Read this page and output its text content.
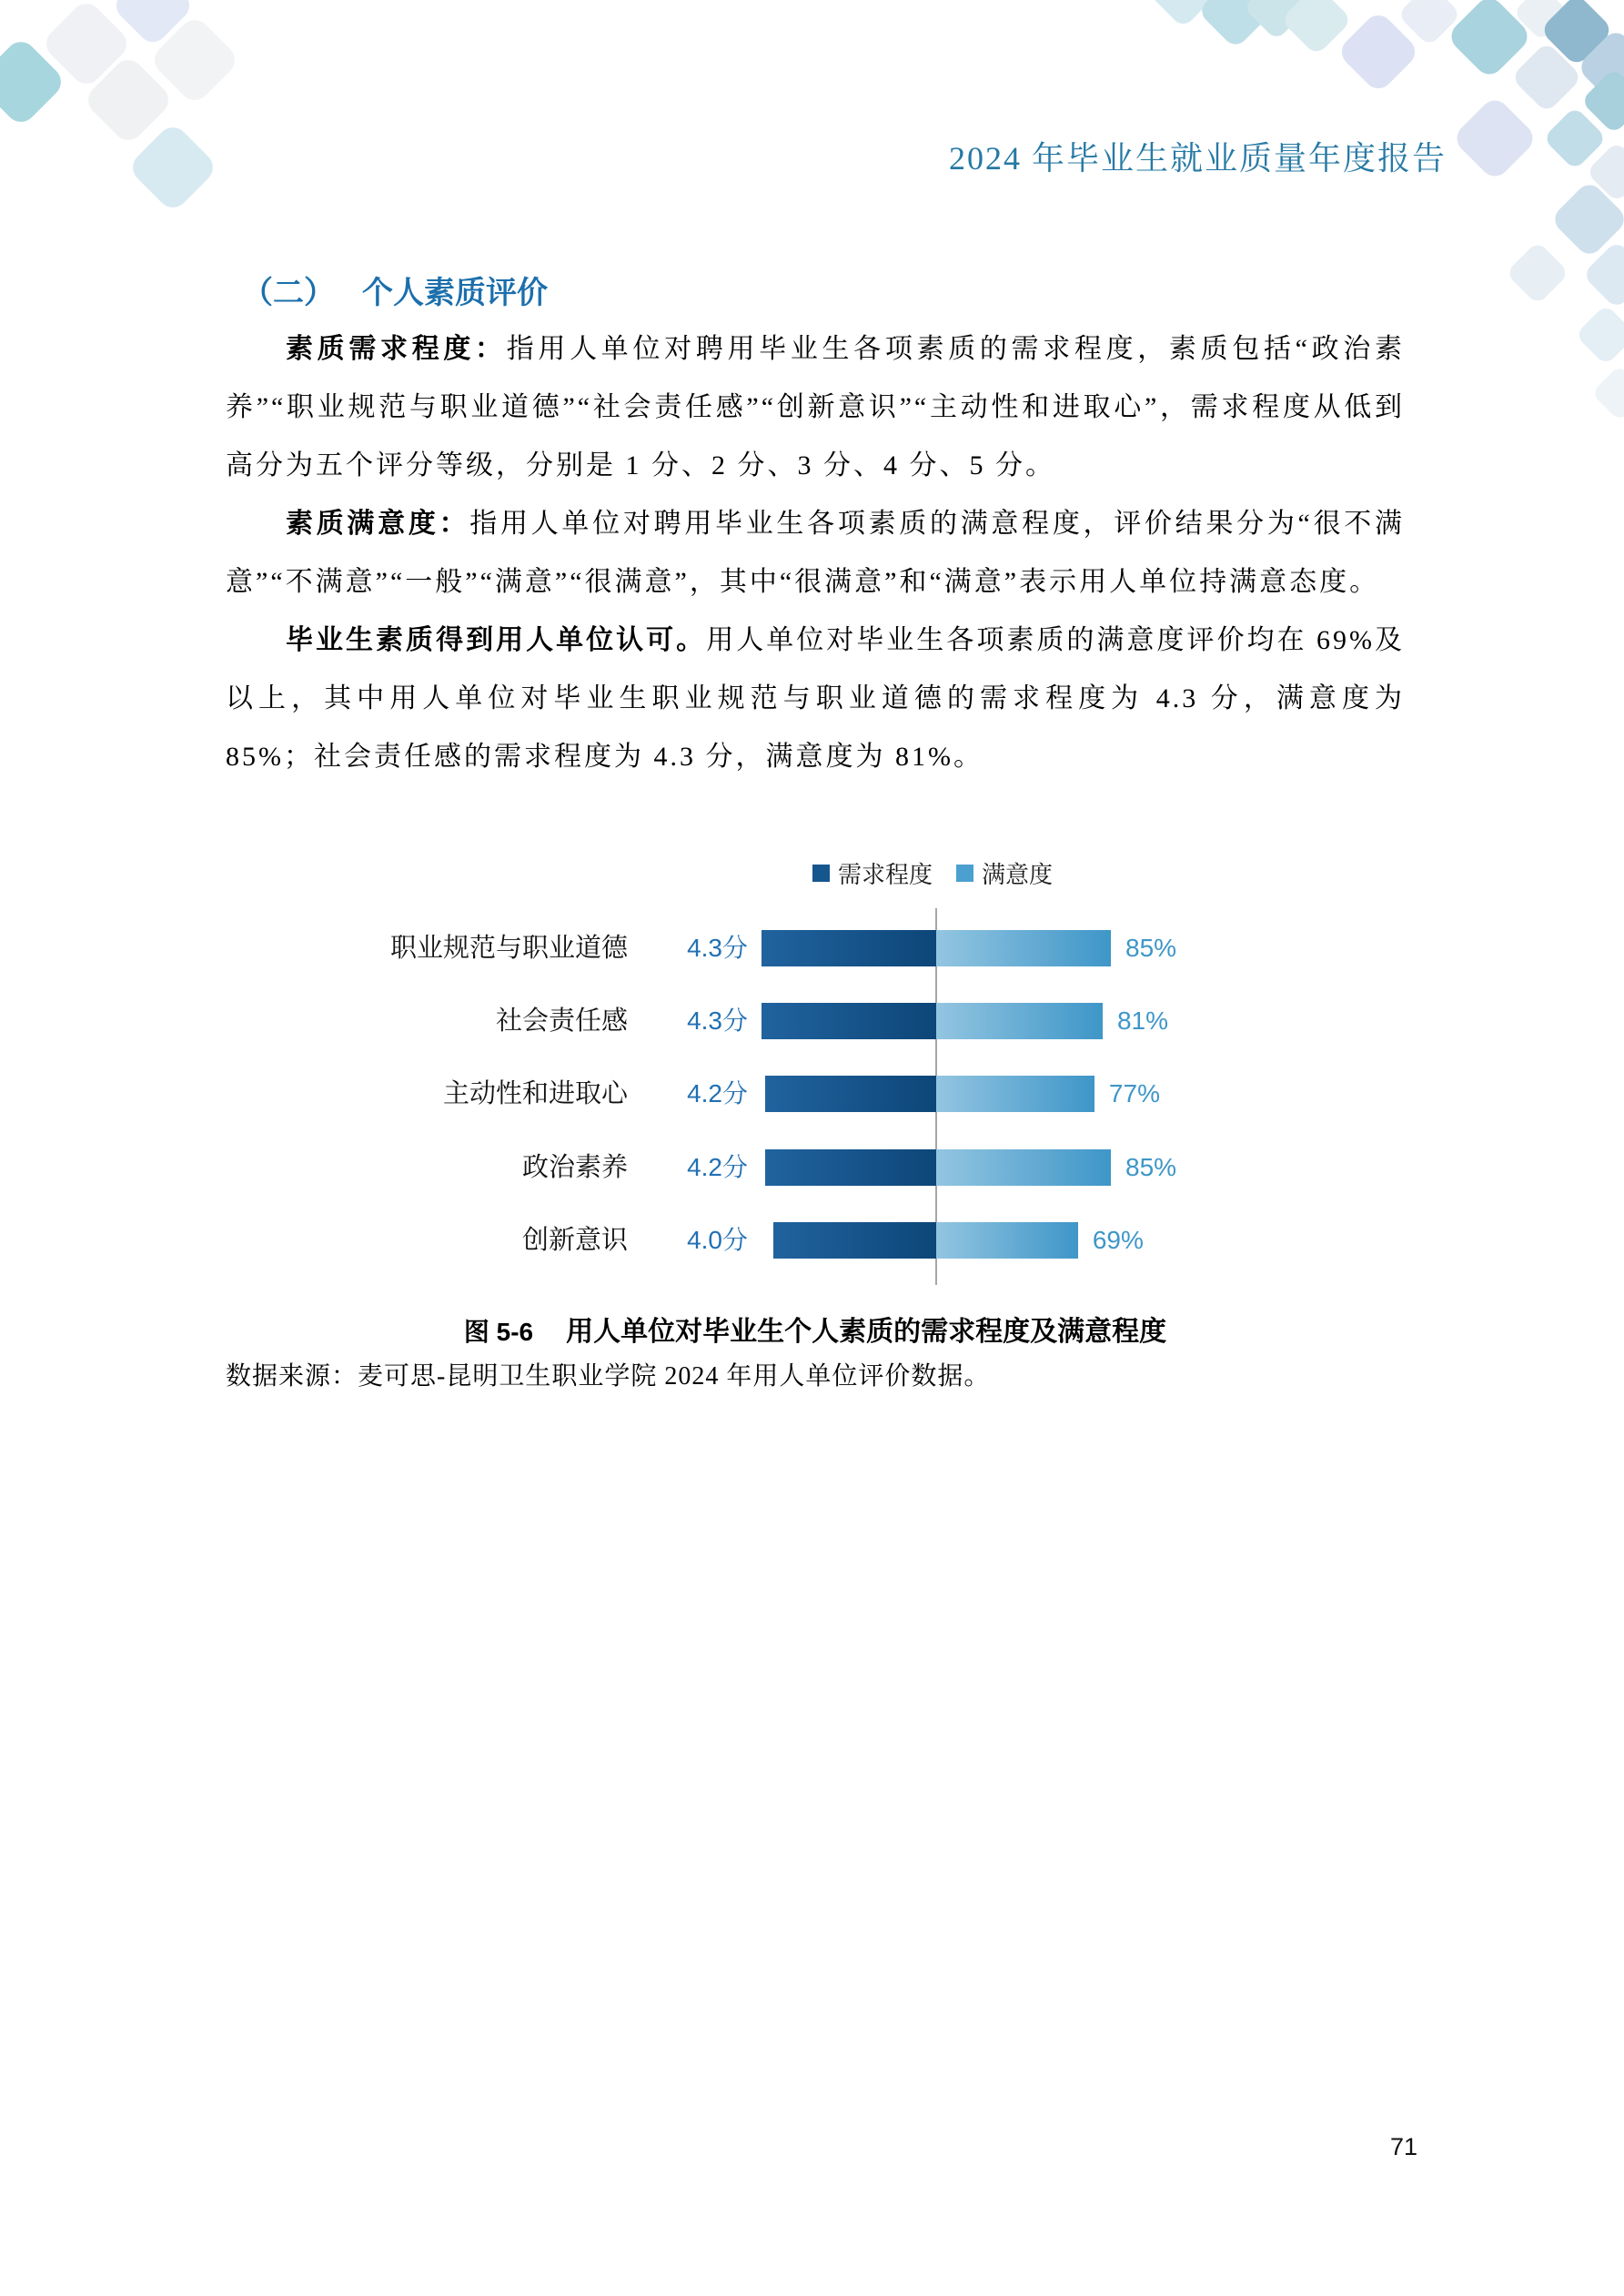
2024 年毕业生就业质量年度报告
（二） 个人素质评价

素质需求程度：指用人单位对聘用毕业生各项素质的需求程度，素质包括“政治素养”“职业规范与职业道德”“社会责任感”“创新意识”“主动性和进取心”，需求程度从低到高分为五个评分等级，分别是 1 分、2 分、3 分、4 分、5 分。

素质满意度：指用人单位对聘用毕业生各项素质的满意程度，评价结果分为“很不满意”“不满意”“一般”“满意”“很满意”，其中“很满意”和“满意”表示用人单位持满意态度。

毕业生素质得到用人单位认可。用人单位对毕业生各项素质的满意度评价均在 69%及以上，其中用人单位对毕业生职业规范与职业道德的需求程度为 4.3 分，满意度为 85%；社会责任感的需求程度为 4.3 分，满意度为 81%。

需求程度 满意度
职业规范与职业道德	4.3分	85%
社会责任感	4.3分	81%
主动性和进取心	4.2分	77%
政治素养	4.2分	85%
创新意识	4.0分	69%
图 5-6 用人单位对毕业生个人素质的需求程度及满意程度
数据来源：麦可思-昆明卫生职业学院 2024 年用人单位评价数据。
71
